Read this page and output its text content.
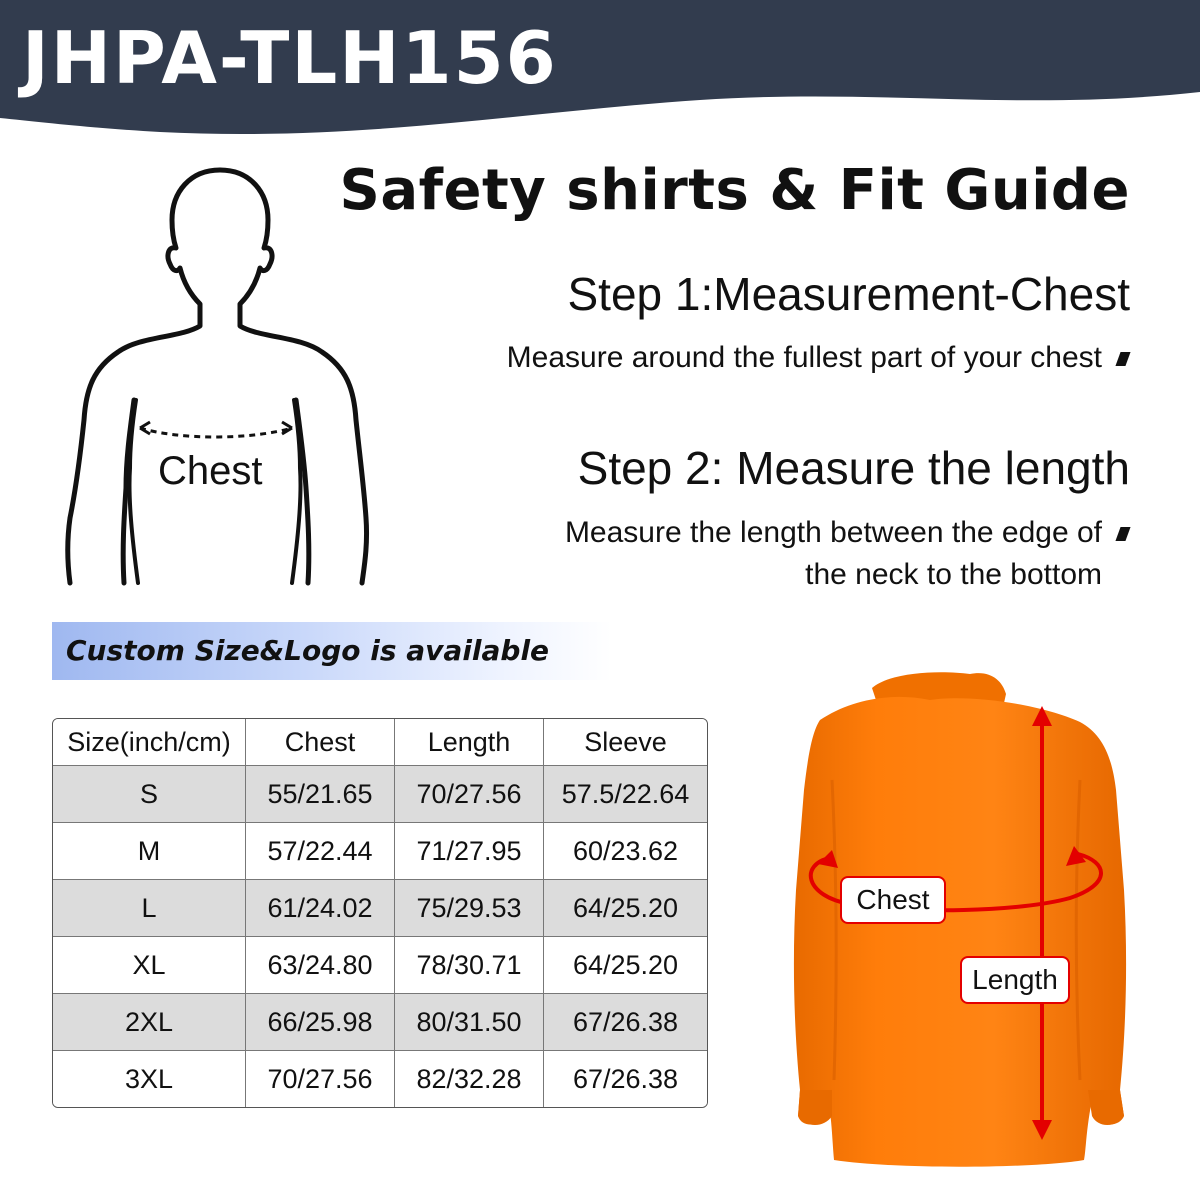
JHPA-TLH156
Chest
Safety shirts & Fit Guide
Step 1:Measurement-Chest
Measure around the fullest part of your chest
Step 2: Measure the length
Measure the length between the edge of
the neck to the bottom
Custom Size&Logo is available
Size(inch/cm)	Chest	Length	Sleeve
S	55/21.65	70/27.56	57.5/22.64
M	57/22.44	71/27.95	60/23.62
L	61/24.02	75/29.53	64/25.20
XL	63/24.80	78/30.71	64/25.20
2XL	66/25.98	80/31.50	67/26.38
3XL	70/27.56	82/32.28	67/26.38
Chest
Length
